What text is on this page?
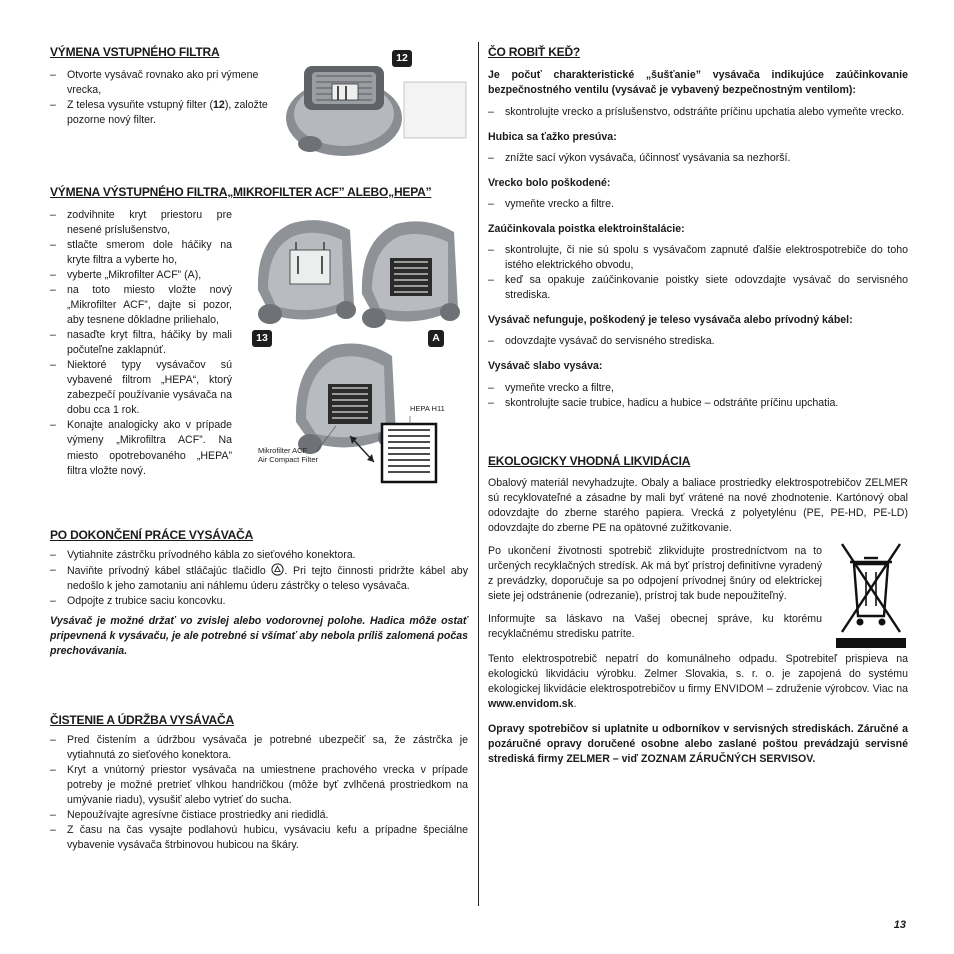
VÝMENA VSTUPNÉHO FILTRA
– Otvorte vysávač rovnako ako pri výmene vrecka,
– Z telesa vysuňte vstupný filter (12), založte pozorne nový filter.
VÝMENA VÝSTUPNÉHO FILTRA„MIKROFILTER ACF” ALEBO„HEPA”
– zodvihnite kryt priestoru pre nesené príslušenstvo,
– stlačte smerom dole háčiky na kryte filtra a vyberte ho,
– vyberte „Mikrofilter ACF” (A),
– na toto miesto vložte nový „Mikrofilter ACF”, dajte si pozor, aby tesnene dôkladne priliehalo,
– nasaďte kryt filtra, háčiky by mali počuteľne zaklapnúť.
– Niektoré typy vysávačov sú vybavené filtrom „HEPA“, ktorý zabezpečí používanie vysávača na dobu cca 1 rok.
– Konajte analogicky ako v prípade výmeny „Mikrofiltra ACF”. Na miesto opotrebovaného „HEPA” filtra vložte nový.
PO DOKONČENÍ PRÁCE VYSÁVAČA
– Vytiahnite zástrčku prívodného kábla zo sieťového konektora.
– Naviňte prívodný kábel stláčajúc tlačidlo . Pri tejto činnosti pridržte kábel aby nedošlo k jeho zamotaniu ani náhlemu úderu zástrčky o teleso vysávača.
– Odpojte z trubice saciu koncovku.

Vysávač je možné držať vo zvislej alebo vodorovnej polohe. Hadica môže ostať pripevnená k vysávaču, je ale potrebné si všímať aby nebola príliš zalomená počas prechovávania.

ČISTENIE A ÚDRŽBA VYSÁVAČA
– Pred čistením a údržbou vysávača je potrebné ubezpečiť sa, že zástrčka je vytiahnutá zo sieťového konektora.
– Kryt a vnútorný priestor vysávača na umiestnene prachového vrecka v prípade potreby je možné pretrieť vlhkou handričkou (môže byť zvlhčená prostriedkom na umývanie riadu), vysušiť alebo vytrieť do sucha.
– Nepoužívajte agresívne čistiace prostriedky ani riedidlá.
– Z času na čas vysajte podlahovú hubicu, vysávaciu kefu a prípadne špeciálne vybavenie vysávača štrbinovou hubicou na škáry.
12
13	A
HEPA H11
Mikrofilter ACF
Air Compact Filter
ČO ROBIŤ KEĎ?

Je počuť charakteristické „šušťanie” vysávača indikujúce zaúčinkovanie bezpečnostného ventilu (vysávač je vybavený bezpečnostným ventilom):

– skontrolujte vrecko a príslušenstvo, odstráňte príčinu upchatia alebo vymeňte vrecko.

Hubica sa ťažko presúva:

– znížte sací výkon vysávača, účinnosť vysávania sa nezhorší.

Vrecko bolo poškodené:

– vymeňte vrecko a filtre.

Zaúčinkovala poistka elektroinštalácie:

– skontrolujte, či nie sú spolu s vysávačom zapnuté ďalšie elektrospotrebiče do toho istého elektrického obvodu,
– keď sa opakuje zaúčinkovanie poistky siete odovzdajte vysávač do servisného strediska.

Vysávač nefunguje, poškodený je teleso vysávača alebo prívodný kábel:

– odovzdajte vysávač do servisného strediska.

Vysávač slabo vysáva:

– vymeňte vrecko a filtre,
– skontrolujte sacie trubice, hadicu a hubice – odstráňte príčinu upchatia.
EKOLOGICKY VHODNÁ LIKVIDÁCIA

Obalový materiál nevyhadzujte. Obaly a baliace prostriedky elektrospotrebičov ZELMER sú recyklovateľné a zásadne by mali byť vrátené na nové zhodnotenie. Kartónový obal odovzdajte do zberne starého papiera. Vrecká z polyetylénu (PE, PE-HD, PE-LD) odovzdajte do zberne PE na opätovné zužitkovanie.

Po ukončení životnosti spotrebič zlikvidujte prostredníctvom na to určených recyklačných stredísk. Ak má byť prístroj definitívne vyradený z prevádzky, doporučuje sa po odpojení prívodnej šnúry od elektrickej siete jej odstránenie (odrezanie), prístroj tak bude nepoužiteľný.

Informujte sa láskavo na Vašej obecnej správe, ku ktorému recyklačnému stredisku patríte.

Tento elektrospotrebič nepatrí do komunálneho odpadu. Spotrebiteľ prispieva na ekologickú likvidáciu výrobku. Zelmer Slovakia, s. r. o. je zapojená do systému ekologickej likvidácie elektrospotrebičov u firmy ENVIDOM – združenie výrobcov. Viac na www.envidom.sk.

Opravy spotrebičov si uplatnite u odborníkov v servisných strediskách. Záručné a pozáručné opravy doručené osobne alebo zaslané poštou prevádzajú servisné strediská firmy ZELMER – viď ZOZNAM ZÁRUČNÝCH SERVISOV.

13
